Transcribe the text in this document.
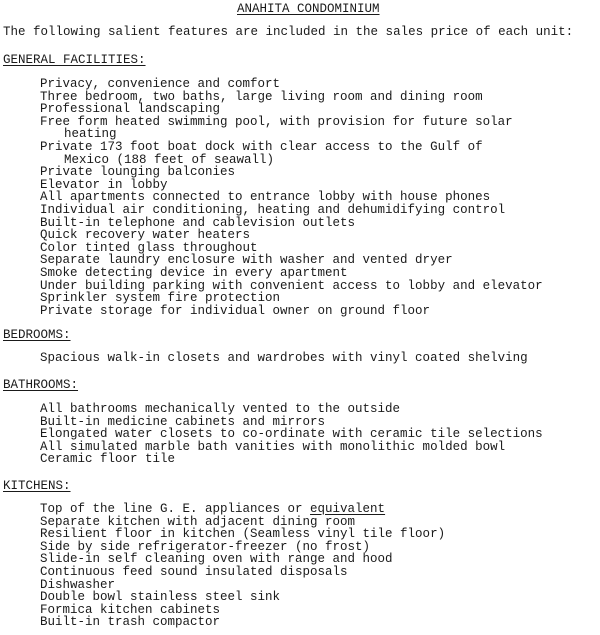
ANAHITA CONDOMINIUM
The following salient features are included in the sales price of each unit:
GENERAL FACILITIES:
Privacy, convenience and comfort
Three bedroom, two baths, large living room and dining room
Professional landscaping
Free form heated swimming pool, with provision for future solar
heating
Private 173 foot boat dock with clear access to the Gulf of
Mexico (188 feet of seawall)
Private lounging balconies
Elevator in lobby
All apartments connected to entrance lobby with house phones
Individual air conditioning, heating and dehumidifying control
Built-in telephone and cablevision outlets
Quick recovery water heaters
Color tinted glass throughout
Separate laundry enclosure with washer and vented dryer
Smoke detecting device in every apartment
Under building parking with convenient access to lobby and elevator
Sprinkler system fire protection
Private storage for individual owner on ground floor
BEDROOMS:
Spacious walk-in closets and wardrobes with vinyl coated shelving
BATHROOMS:
All bathrooms mechanically vented to the outside
Built-in medicine cabinets and mirrors
Elongated water closets to co-ordinate with ceramic tile selections
All simulated marble bath vanities with monolithic molded bowl
Ceramic floor tile
KITCHENS:
Top of the line G. E. appliances or equivalent
Separate kitchen with adjacent dining room
Resilient floor in kitchen (Seamless vinyl tile floor)
Side by side refrigerator-freezer (no frost)
Slide-in self cleaning oven with range and hood
Continuous feed sound insulated disposals
Dishwasher
Double bowl stainless steel sink
Formica kitchen cabinets
Built-in trash compactor
